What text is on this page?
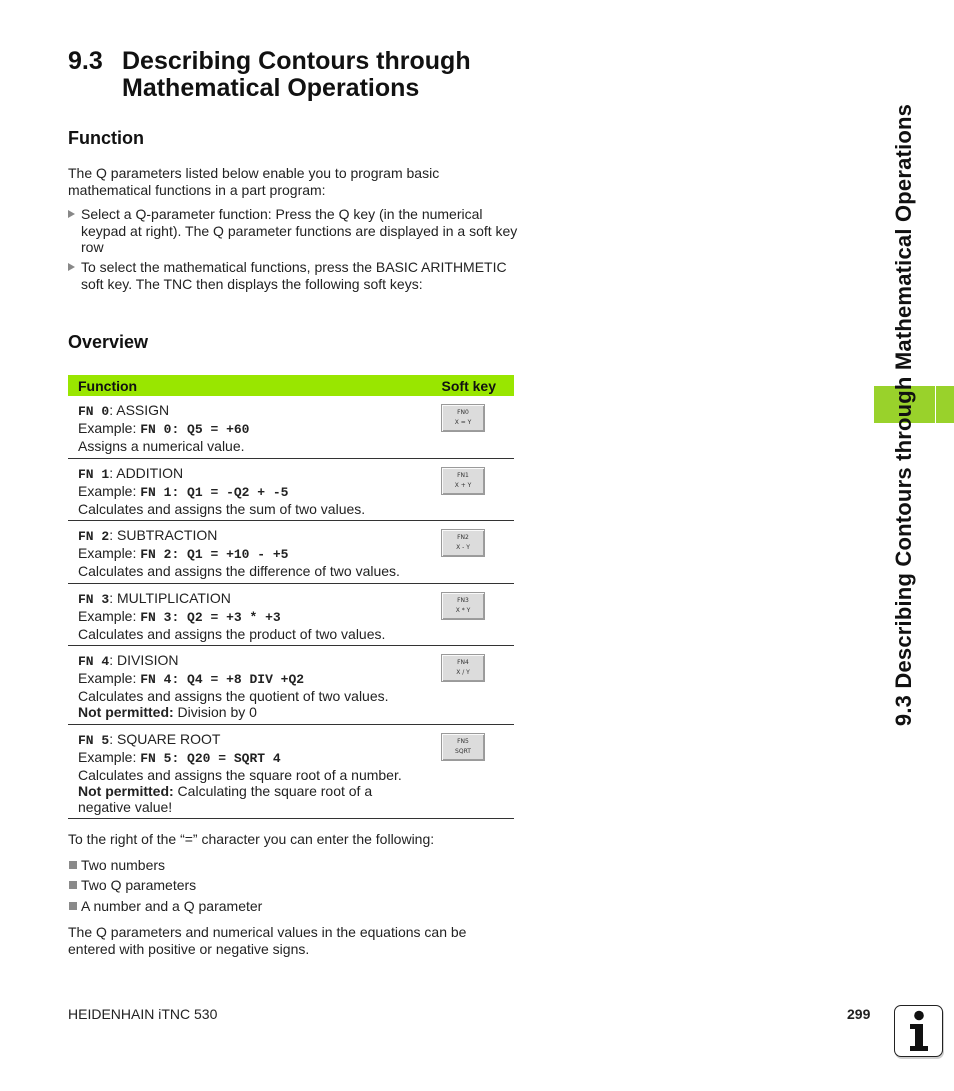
9.3 Describing Contours through Mathematical Operations
Function
The Q parameters listed below enable you to program basic mathematical functions in a part program:
Select a Q-parameter function: Press the Q key (in the numerical keypad at right). The Q parameter functions are displayed in a soft key row
To select the mathematical functions, press the BASIC ARITHMETIC soft key. The TNC then displays the following soft keys:
Overview
Function	Soft key
FN 0: ASSIGN
Example: FN 0: Q5 = +60
Assigns a numerical value.
FN0
X = Y
FN 1: ADDITION
Example: FN 1: Q1 = -Q2 + -5
Calculates and assigns the sum of two values.
FN1
X + Y
FN 2: SUBTRACTION
Example: FN 2: Q1 = +10 - +5
Calculates and assigns the difference of two values.
FN2
X - Y
FN 3: MULTIPLICATION
Example: FN 3: Q2 = +3 * +3
Calculates and assigns the product of two values.
FN3
X * Y
FN 4: DIVISION
Example: FN 4: Q4 = +8 DIV +Q2
Calculates and assigns the quotient of two values.
Not permitted: Division by 0
FN4
X / Y
FN 5: SQUARE ROOT
Example: FN 5: Q20 = SQRT 4
Calculates and assigns the square root of a number.
Not permitted: Calculating the square root of a negative value!
FN5
SQRT
To the right of the “=” character you can enter the following:
Two numbers
Two Q parameters
A number and a Q parameter
The Q parameters and numerical values in the equations can be entered with positive or negative signs.
9.3 Describing Contours through Mathematical Operations
HEIDENHAIN iTNC 530	299
